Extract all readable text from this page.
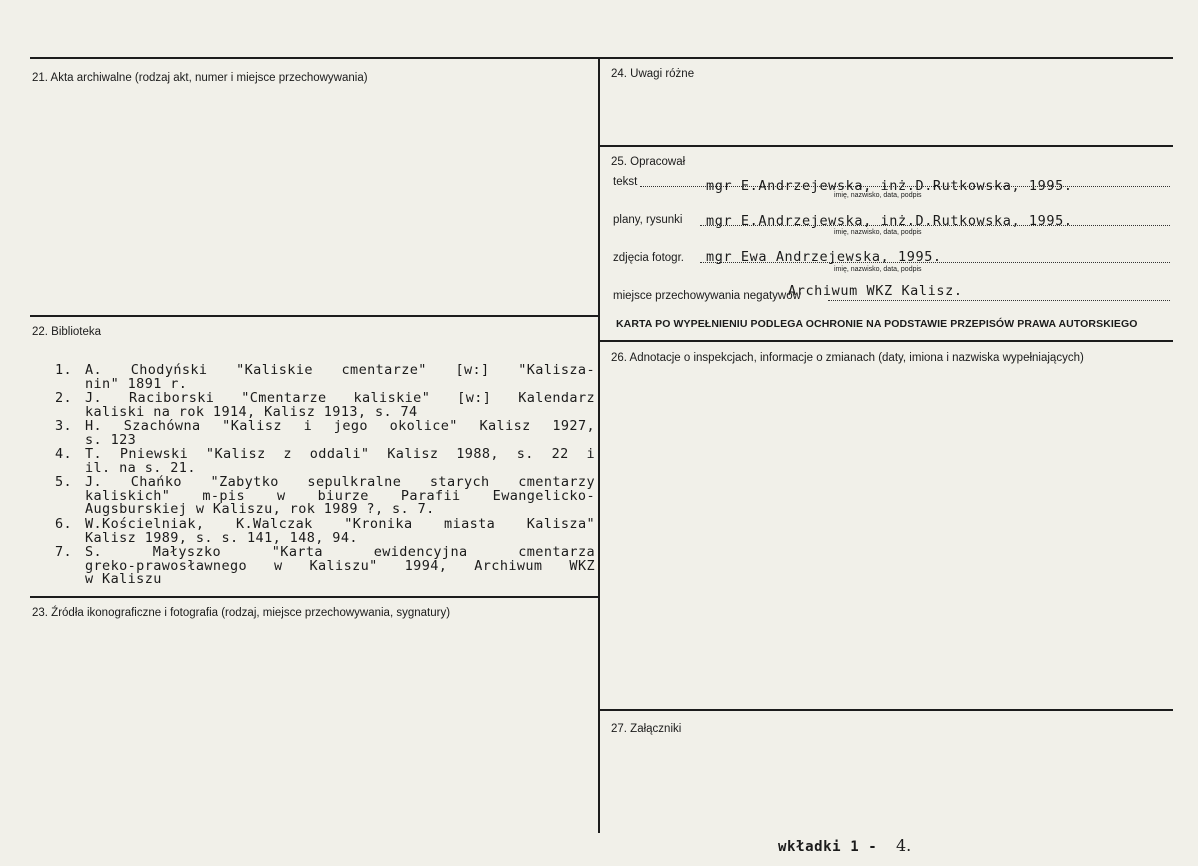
21. Akta archiwalne (rodzaj akt, numer i miejsce przechowywania)
22. Biblioteka
1. A. Chodyński "Kaliskie cmentarze" [w:] "Kalisza-
nin" 1891 r.
2. J. Raciborski "Cmentarze kaliskie" [w:] Kalendarz
kaliski na rok 1914, Kalisz 1913, s. 74
3. H. Szachówna "Kalisz i jego okolice" Kalisz 1927,
s. 123
4. T. Pniewski "Kalisz z oddali" Kalisz 1988, s. 22 i
il. na s. 21.
5. J. Chańko "Zabytko sepulkralne starych cmentarzy
kaliskich" m-pis w biurze Parafii Ewangelicko-
Augsburskiej w Kaliszu, rok 1989 ?, s. 7.
6. W.Kościelniak, K.Walczak "Kronika miasta Kalisza"
Kalisz 1989, s. s. 141, 148, 94.
7. S. Małyszko "Karta ewidencyjna cmentarza
greko-prawosławnego w Kaliszu" 1994, Archiwum WKZ
w Kaliszu
23. Źródła ikonograficzne i fotografia (rodzaj, miejsce przechowywania, sygnatury)
24. Uwagi różne
25. Opracował
tekst	mgr E.Andrzejewska, inż.D.Rutkowska, 1995.
imię, nazwisko, data, podpis
plany, rysunki mgr E.Andrzejewska, inż.D.Rutkowska, 1995.
imię, nazwisko, data, podpis
zdjęcia fotogr. mgr Ewa Andrzejewska, 1995.
imię, nazwisko, data, podpis
miejsce przechowywania negatywów
Archiwum WKZ Kalisz.
KARTA PO WYPEŁNIENIU PODLEGA OCHRONIE NA PODSTAWIE PRZEPISÓW PRAWA AUTORSKIEGO
26. Adnotacje o inspekcjach, informacje o zmianach (daty, imiona i nazwiska wypełniających)
27. Załączniki
wkładki 1 - 4.
